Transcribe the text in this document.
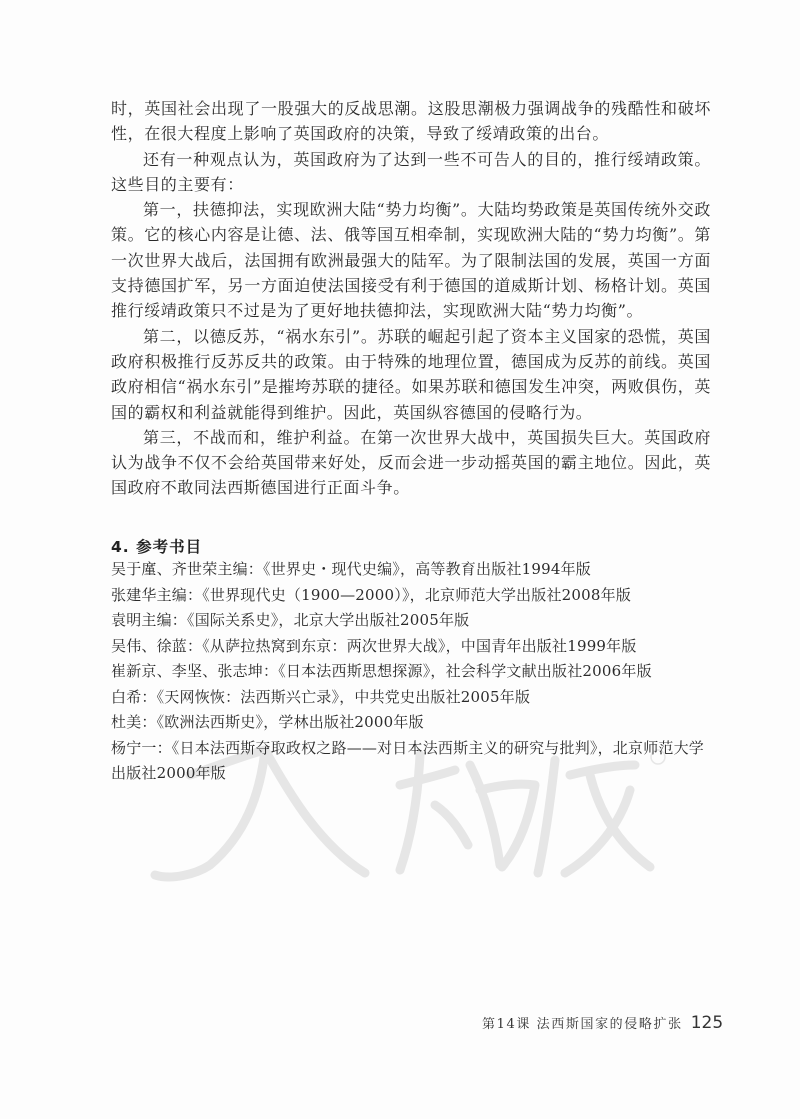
时，英国社会出现了一股强大的反战思潮。这股思潮极力强调战争的残酷性和破坏性，在很大程度上影响了英国政府的决策，导致了绥靖政策的出台。

还有一种观点认为，英国政府为了达到一些不可告人的目的，推行绥靖政策。这些目的主要有：

第一，扶德抑法，实现欧洲大陆“势力均衡”。大陆均势政策是英国传统外交政策。它的核心内容是让德、法、俄等国互相牵制，实现欧洲大陆的“势力均衡”。第一次世界大战后，法国拥有欧洲最强大的陆军。为了限制法国的发展，英国一方面支持德国扩军，另一方面迫使法国接受有利于德国的道威斯计划、杨格计划。英国推行绥靖政策只不过是为了更好地扶德抑法，实现欧洲大陆“势力均衡”。

第二，以德反苏，“祸水东引”。苏联的崛起引起了资本主义国家的恐慌，英国政府积极推行反苏反共的政策。由于特殊的地理位置，德国成为反苏的前线。英国政府相信“祸水东引”是摧垮苏联的捷径。如果苏联和德国发生冲突，两败俱伤，英国的霸权和利益就能得到维护。因此，英国纵容德国的侵略行为。

第三，不战而和，维护利益。在第一次世界大战中，英国损失巨大。英国政府认为战争不仅不会给英国带来好处，反而会进一步动摇英国的霸主地位。因此，英国政府不敢同法西斯德国进行正面斗争。

4. 参考书目
吴于廑、齐世荣主编：《世界史・现代史编》，高等教育出版社1994年版
张建华主编：《世界现代史（1900—2000）》，北京师范大学出版社2008年版
袁明主编：《国际关系史》，北京大学出版社2005年版
吴伟、徐蓝：《从萨拉热窝到东京：两次世界大战》，中国青年出版社1999年版
崔新京、李坚、张志坤：《日本法西斯思想探源》，社会科学文献出版社2006年版
白希：《天网恢恢：法西斯兴亡录》，中共党史出版社2005年版
杜美：《欧洲法西斯史》，学林出版社2000年版
杨宁一：《日本法西斯夺取政权之路——对日本法西斯主义的研究与批判》，北京师范大学出版社2000年版
第14课 法西斯国家的侵略扩张 125
